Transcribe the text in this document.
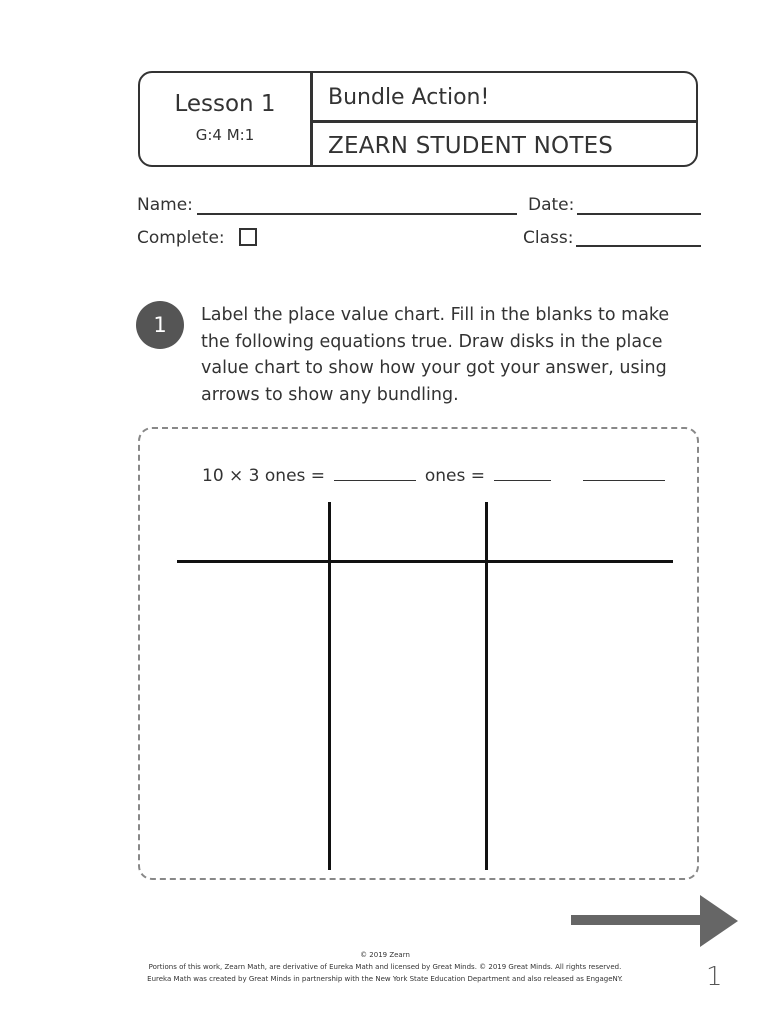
Lesson 1
G:4 M:1
Bundle Action!
ZEARN STUDENT NOTES
Name:	Date:
Complete:	Class:
1	Label the place value chart. Fill in the blanks to make the following equations true. Draw disks in the place value chart to show how your got your answer, using arrows to show any bundling.
10 × 3 ones =	ones =
© 2019 Zearn
Portions of this work, Zearn Math, are derivative of Eureka Math and licensed by Great Minds. © 2019 Great Minds. All rights reserved.
Eureka Math was created by Great Minds in partnership with the New York State Education Department and also released as EngageNY.	1
